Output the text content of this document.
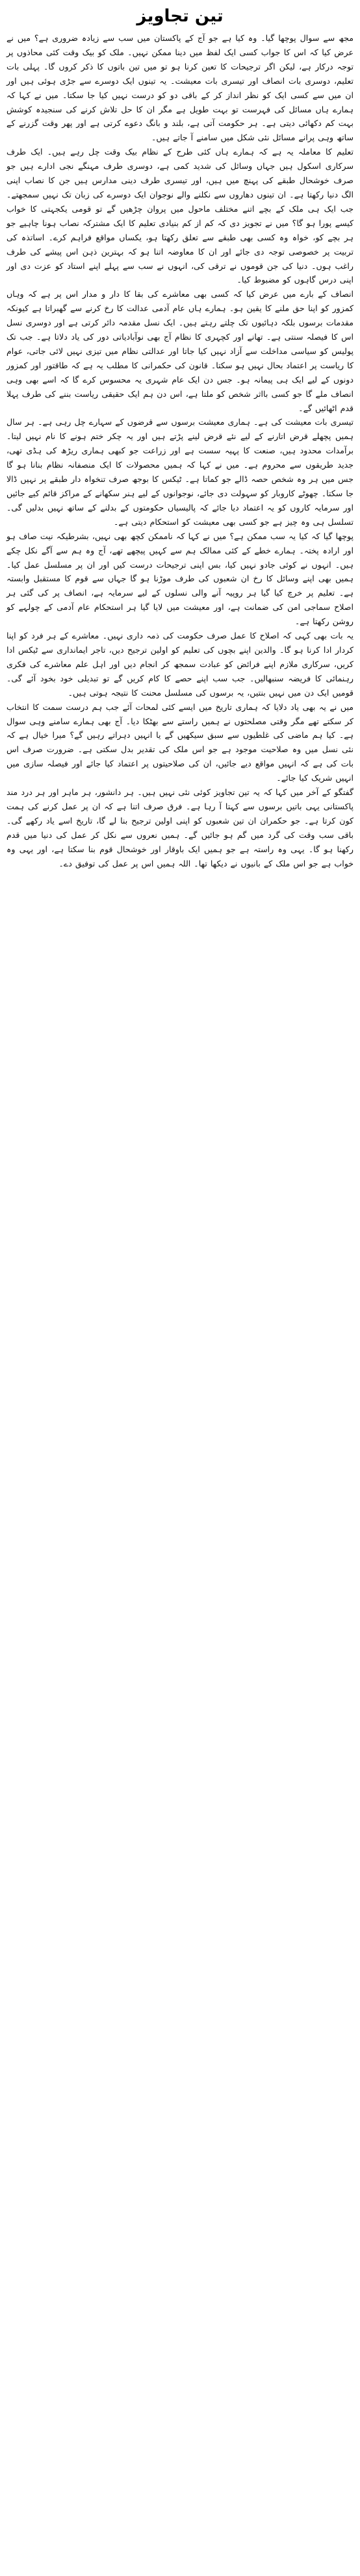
تین تجاویز

مجھ سے سوال پوچھا گیا۔ وہ کیا ہے جو آج کے پاکستان میں سب سے زیادہ ضروری ہے؟ میں نے عرض کیا کہ اس کا جواب کسی ایک لفظ میں دینا ممکن نہیں۔ ملک کو بیک وقت کئی محاذوں پر توجہ درکار ہے، لیکن اگر ترجیحات کا تعین کرنا ہو تو میں تین باتوں کا ذکر کروں گا۔ پہلی بات تعلیم، دوسری بات انصاف اور تیسری بات معیشت۔ یہ تینوں ایک دوسرے سے جڑی ہوئی ہیں اور ان میں سے کسی ایک کو نظر انداز کر کے باقی دو کو درست نہیں کیا جا سکتا۔ میں نے کہا کہ ہمارے ہاں مسائل کی فہرست تو بہت طویل ہے مگر ان کا حل تلاش کرنے کی سنجیدہ کوشش بہت کم دکھائی دیتی ہے۔ ہر حکومت آتی ہے، بلند و بانگ دعوے کرتی ہے اور پھر وقت گزرنے کے ساتھ وہی پرانے مسائل نئی شکل میں سامنے آ جاتے ہیں۔

تعلیم کا معاملہ یہ ہے کہ ہمارے ہاں کئی طرح کے نظام بیک وقت چل رہے ہیں۔ ایک طرف سرکاری اسکول ہیں جہاں وسائل کی شدید کمی ہے، دوسری طرف مہنگے نجی ادارے ہیں جو صرف خوشحال طبقے کی پہنچ میں ہیں، اور تیسری طرف دینی مدارس ہیں جن کا نصاب اپنی الگ دنیا رکھتا ہے۔ ان تینوں دھاروں سے نکلنے والے نوجوان ایک دوسرے کی زبان تک نہیں سمجھتے۔ جب ایک ہی ملک کے بچے اتنے مختلف ماحول میں پروان چڑھیں گے تو قومی یکجہتی کا خواب کیسے پورا ہو گا؟ میں نے تجویز دی کہ کم از کم بنیادی تعلیم کا ایک مشترکہ نصاب ہونا چاہیے جو ہر بچے کو، خواہ وہ کسی بھی طبقے سے تعلق رکھتا ہو، یکساں مواقع فراہم کرے۔ اساتذہ کی تربیت پر خصوصی توجہ دی جائے اور ان کا معاوضہ اتنا ہو کہ بہترین ذہن اس پیشے کی طرف راغب ہوں۔ دنیا کی جن قوموں نے ترقی کی، انہوں نے سب سے پہلے اپنے استاد کو عزت دی اور اپنی درس گاہوں کو مضبوط کیا۔

انصاف کے بارے میں عرض کیا کہ کسی بھی معاشرے کی بقا کا دار و مدار اس پر ہے کہ وہاں کمزور کو اپنا حق ملنے کا یقین ہو۔ ہمارے ہاں عام آدمی عدالت کا رخ کرنے سے گھبراتا ہے کیونکہ مقدمات برسوں بلکہ دہائیوں تک چلتے رہتے ہیں۔ ایک نسل مقدمہ دائر کرتی ہے اور دوسری نسل اس کا فیصلہ سنتی ہے۔ تھانے اور کچہری کا نظام آج بھی نوآبادیاتی دور کی یاد دلاتا ہے۔ جب تک پولیس کو سیاسی مداخلت سے آزاد نہیں کیا جاتا اور عدالتی نظام میں تیزی نہیں لائی جاتی، عوام کا ریاست پر اعتماد بحال نہیں ہو سکتا۔ قانون کی حکمرانی کا مطلب یہ ہے کہ طاقتور اور کمزور دونوں کے لیے ایک ہی پیمانہ ہو۔ جس دن ایک عام شہری یہ محسوس کرے گا کہ اسے بھی وہی انصاف ملے گا جو کسی بااثر شخص کو ملتا ہے، اس دن ہم ایک حقیقی ریاست بننے کی طرف پہلا قدم اٹھائیں گے۔

تیسری بات معیشت کی ہے۔ ہماری معیشت برسوں سے قرضوں کے سہارے چل رہی ہے۔ ہر سال ہمیں پچھلے قرض اتارنے کے لیے نئے قرض لینے پڑتے ہیں اور یہ چکر ختم ہونے کا نام نہیں لیتا۔ برآمدات محدود ہیں، صنعت کا پہیہ سست ہے اور زراعت جو کبھی ہماری ریڑھ کی ہڈی تھی، جدید طریقوں سے محروم ہے۔ میں نے کہا کہ ہمیں محصولات کا ایک منصفانہ نظام بنانا ہو گا جس میں ہر وہ شخص حصہ ڈالے جو کماتا ہے۔ ٹیکس کا بوجھ صرف تنخواہ دار طبقے پر نہیں ڈالا جا سکتا۔ چھوٹے کاروبار کو سہولت دی جائے، نوجوانوں کے لیے ہنر سکھانے کے مراکز قائم کیے جائیں اور سرمایہ کاروں کو یہ اعتماد دیا جائے کہ پالیسیاں حکومتوں کے بدلنے کے ساتھ نہیں بدلیں گی۔ تسلسل ہی وہ چیز ہے جو کسی بھی معیشت کو استحکام دیتی ہے۔

پوچھا گیا کہ کیا یہ سب ممکن ہے؟ میں نے کہا کہ ناممکن کچھ بھی نہیں، بشرطیکہ نیت صاف ہو اور ارادہ پختہ۔ ہمارے خطے کے کئی ممالک ہم سے کہیں پیچھے تھے، آج وہ ہم سے آگے نکل چکے ہیں۔ انہوں نے کوئی جادو نہیں کیا، بس اپنی ترجیحات درست کیں اور ان پر مسلسل عمل کیا۔ ہمیں بھی اپنے وسائل کا رخ ان شعبوں کی طرف موڑنا ہو گا جہاں سے قوم کا مستقبل وابستہ ہے۔ تعلیم پر خرچ کیا گیا ہر روپیہ آنے والی نسلوں کے لیے سرمایہ ہے، انصاف پر کی گئی ہر اصلاح سماجی امن کی ضمانت ہے، اور معیشت میں لایا گیا ہر استحکام عام آدمی کے چولہے کو روشن رکھتا ہے۔

یہ بات بھی کہی کہ اصلاح کا عمل صرف حکومت کی ذمہ داری نہیں۔ معاشرے کے ہر فرد کو اپنا کردار ادا کرنا ہو گا۔ والدین اپنے بچوں کی تعلیم کو اولین ترجیح دیں، تاجر ایمانداری سے ٹیکس ادا کریں، سرکاری ملازم اپنے فرائض کو عبادت سمجھ کر انجام دیں اور اہل علم معاشرے کی فکری رہنمائی کا فریضہ سنبھالیں۔ جب سب اپنے حصے کا کام کریں گے تو تبدیلی خود بخود آئے گی۔ قومیں ایک دن میں نہیں بنتیں، یہ برسوں کی مسلسل محنت کا نتیجہ ہوتی ہیں۔

میں نے یہ بھی یاد دلایا کہ ہماری تاریخ میں ایسے کئی لمحات آئے جب ہم درست سمت کا انتخاب کر سکتے تھے مگر وقتی مصلحتوں نے ہمیں راستے سے بھٹکا دیا۔ آج بھی ہمارے سامنے وہی سوال ہے۔ کیا ہم ماضی کی غلطیوں سے سبق سیکھیں گے یا انہیں دہراتے رہیں گے؟ میرا خیال ہے کہ نئی نسل میں وہ صلاحیت موجود ہے جو اس ملک کی تقدیر بدل سکتی ہے۔ ضرورت صرف اس بات کی ہے کہ انہیں مواقع دیے جائیں، ان کی صلاحیتوں پر اعتماد کیا جائے اور فیصلہ سازی میں انہیں شریک کیا جائے۔

گفتگو کے آخر میں کہا کہ یہ تین تجاویز کوئی نئی نہیں ہیں۔ ہر دانشور، ہر ماہر اور ہر درد مند پاکستانی یہی باتیں برسوں سے کہتا آ رہا ہے۔ فرق صرف اتنا ہے کہ ان پر عمل کرنے کی ہمت کون کرتا ہے۔ جو حکمران ان تین شعبوں کو اپنی اولین ترجیح بنا لے گا، تاریخ اسے یاد رکھے گی۔ باقی سب وقت کی گرد میں گم ہو جائیں گے۔ ہمیں نعروں سے نکل کر عمل کی دنیا میں قدم رکھنا ہو گا۔ یہی وہ راستہ ہے جو ہمیں ایک باوقار اور خوشحال قوم بنا سکتا ہے، اور یہی وہ خواب ہے جو اس ملک کے بانیوں نے دیکھا تھا۔ اللہ ہمیں اس پر عمل کی توفیق دے۔
